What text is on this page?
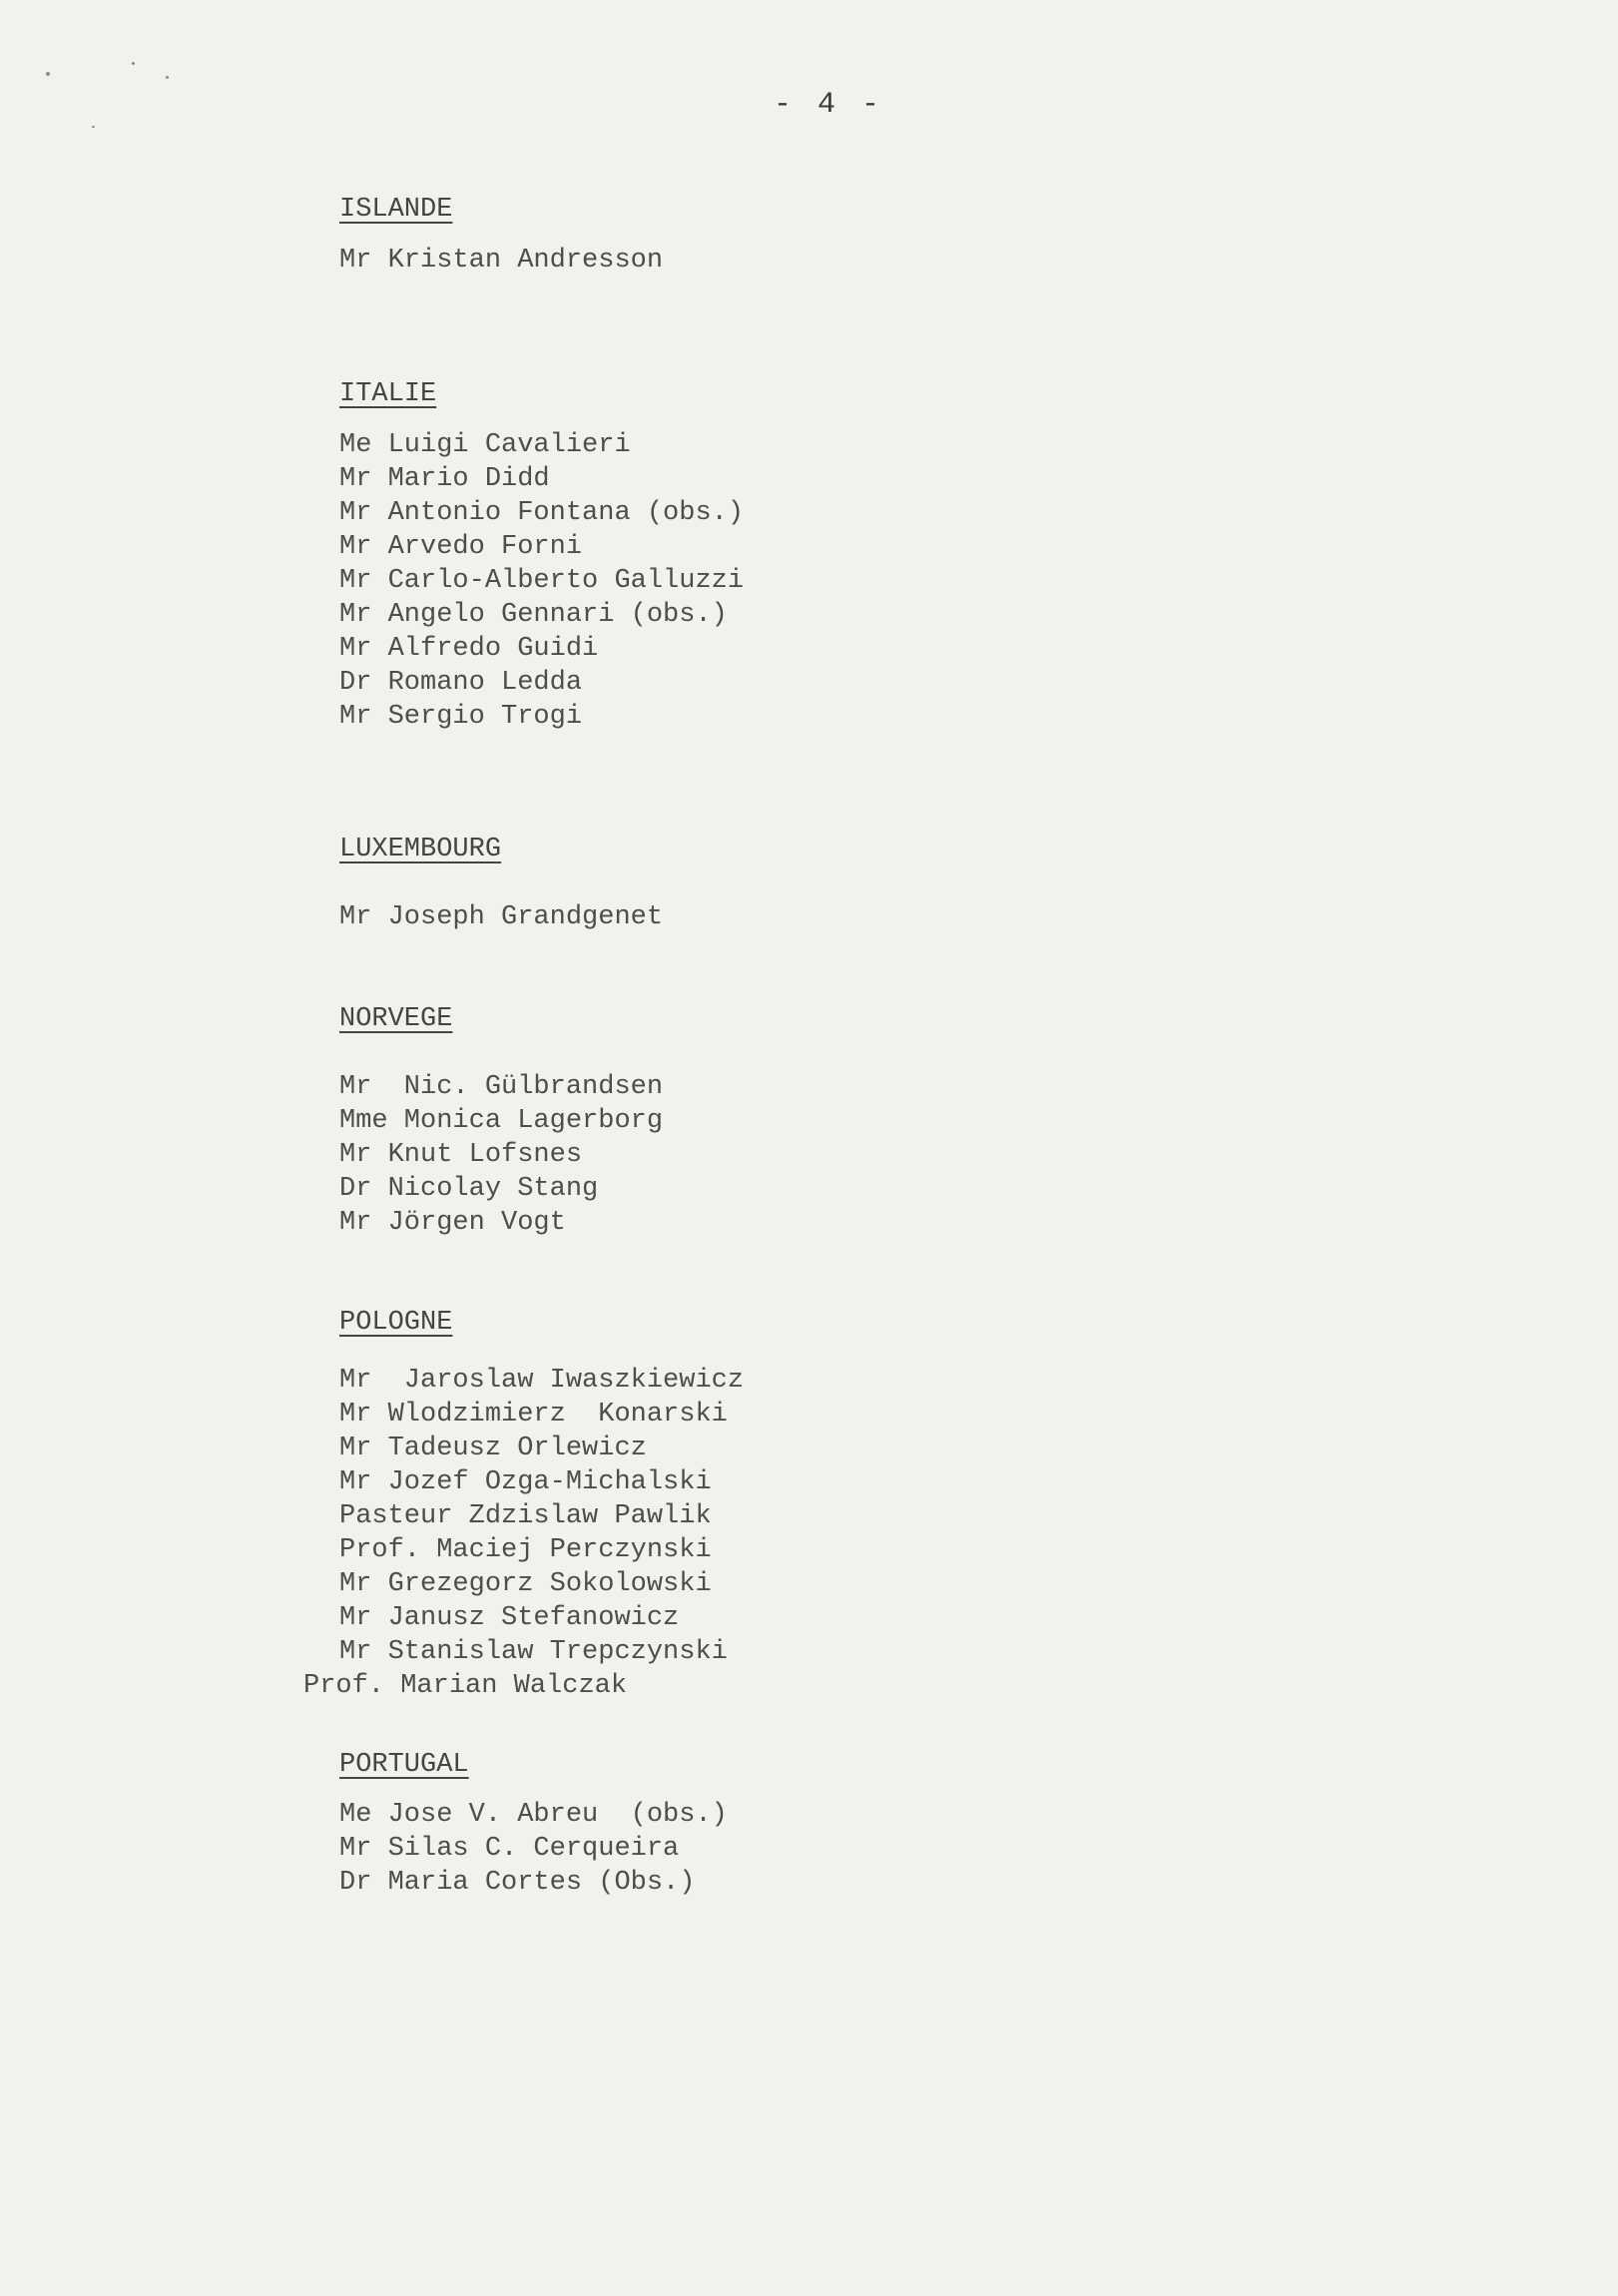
- 4 -
ISLANDE
Mr Kristan Andresson
ITALIE
Me Luigi Cavalieri
Mr Mario Didd
Mr Antonio Fontana (obs.)
Mr Arvedo Forni
Mr Carlo-Alberto Galluzzi
Mr Angelo Gennari (obs.)
Mr Alfredo Guidi
Dr Romano Ledda
Mr Sergio Trogi
LUXEMBOURG
Mr Joseph Grandgenet
NORVEGE
Mr  Nic. Gülbrandsen
Mme Monica Lagerborg
Mr Knut Lofsnes
Dr Nicolay Stang
Mr Jörgen Vogt
POLOGNE
Mr  Jaroslaw Iwaszkiewicz
Mr Wlodzimierz  Konarski
Mr Tadeusz Orlewicz
Mr Jozef Ozga-Michalski
Pasteur Zdzislaw Pawlik
Prof. Maciej Perczynski
Mr Grezegorz Sokolowski
Mr Janusz Stefanowicz
Mr Stanislaw Trepczynski
Prof. Marian Walczak
PORTUGAL
Me Jose V. Abreu  (obs.)
Mr Silas C. Cerqueira
Dr Maria Cortes (Obs.)
